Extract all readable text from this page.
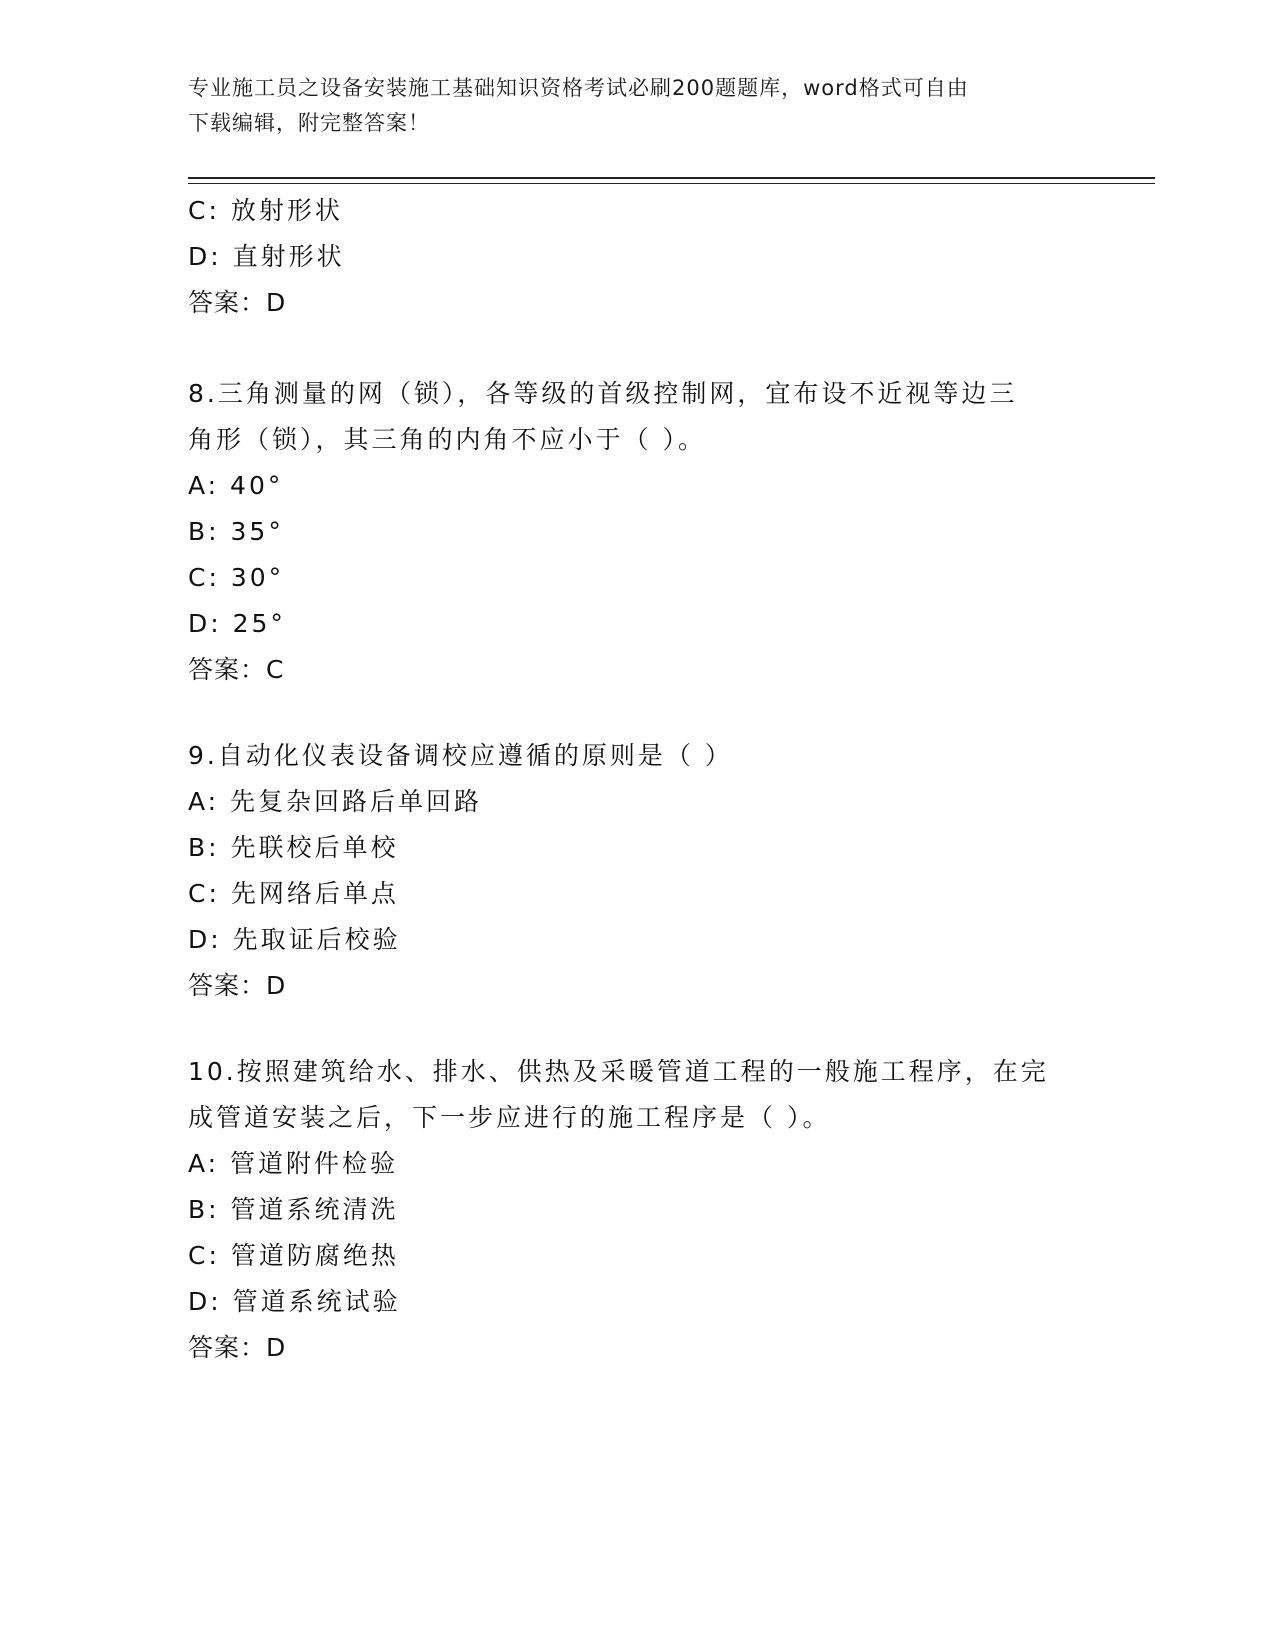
专业施工员之设备安装施工基础知识资格考试必刷200题题库，word格式可自由
下载编辑，附完整答案！
C: 放射形状
D: 直射形状
答案：D
8.三角测量的网（锁），各等级的首级控制网，宜布设不近视等边三
角形（锁），其三角的内角不应小于（ ）。
A: 40°
B: 35°
C: 30°
D: 25°
答案：C
9.自动化仪表设备调校应遵循的原则是（ ）
A: 先复杂回路后单回路
B: 先联校后单校
C: 先网络后单点
D: 先取证后校验
答案：D
10.按照建筑给水、排水、供热及采暖管道工程的一般施工程序，在完
成管道安装之后，下一步应进行的施工程序是（ ）。
A: 管道附件检验
B: 管道系统清洗
C: 管道防腐绝热
D: 管道系统试验
答案：D
